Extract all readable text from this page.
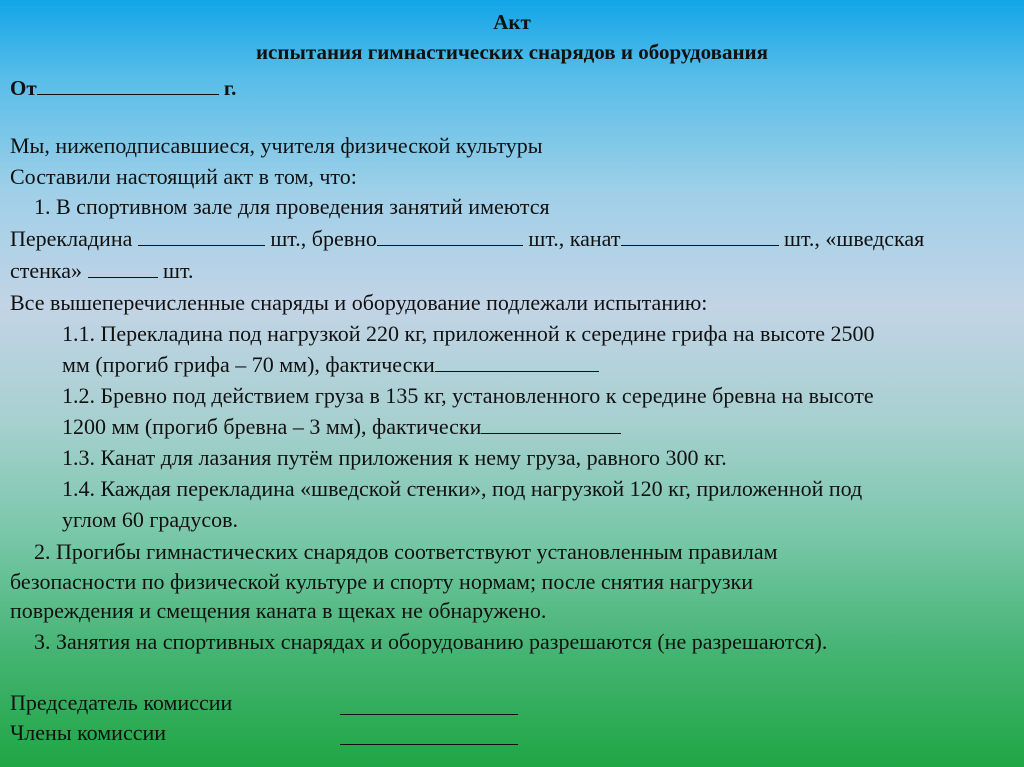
Акт
испытания гимнастических снарядов и оборудования
От	г.
Мы, нижеподписавшиеся, учителя физической культуры
Составили настоящий акт в том, что:
1. В спортивном зале для проведения занятий имеются
Перекладина	шт., бревно	шт., канат	шт., «шведская
стенка»	шт.
Все вышеперечисленные снаряды и оборудование подлежали испытанию:
1.1. Перекладина под нагрузкой 220 кг, приложенной к середине грифа на высоте 2500
мм (прогиб грифа – 70 мм), фактически
1.2. Бревно под действием груза в 135 кг, установленного к середине бревна на высоте
1200 мм (прогиб бревна – 3 мм), фактически
1.3. Канат для лазания путём приложения к нему груза, равного 300 кг.
1.4. Каждая перекладина «шведской стенки», под нагрузкой 120 кг, приложенной под
углом 60 градусов.
2. Прогибы гимнастических снарядов соответствуют установленным правилам
безопасности по физической культуре и спорту нормам; после снятия нагрузки
повреждения и смещения каната в щеках не обнаружено.
3. Занятия на спортивных снарядах и оборудованию разрешаются (не разрешаются).
Председатель комиссии
Члены комиссии
